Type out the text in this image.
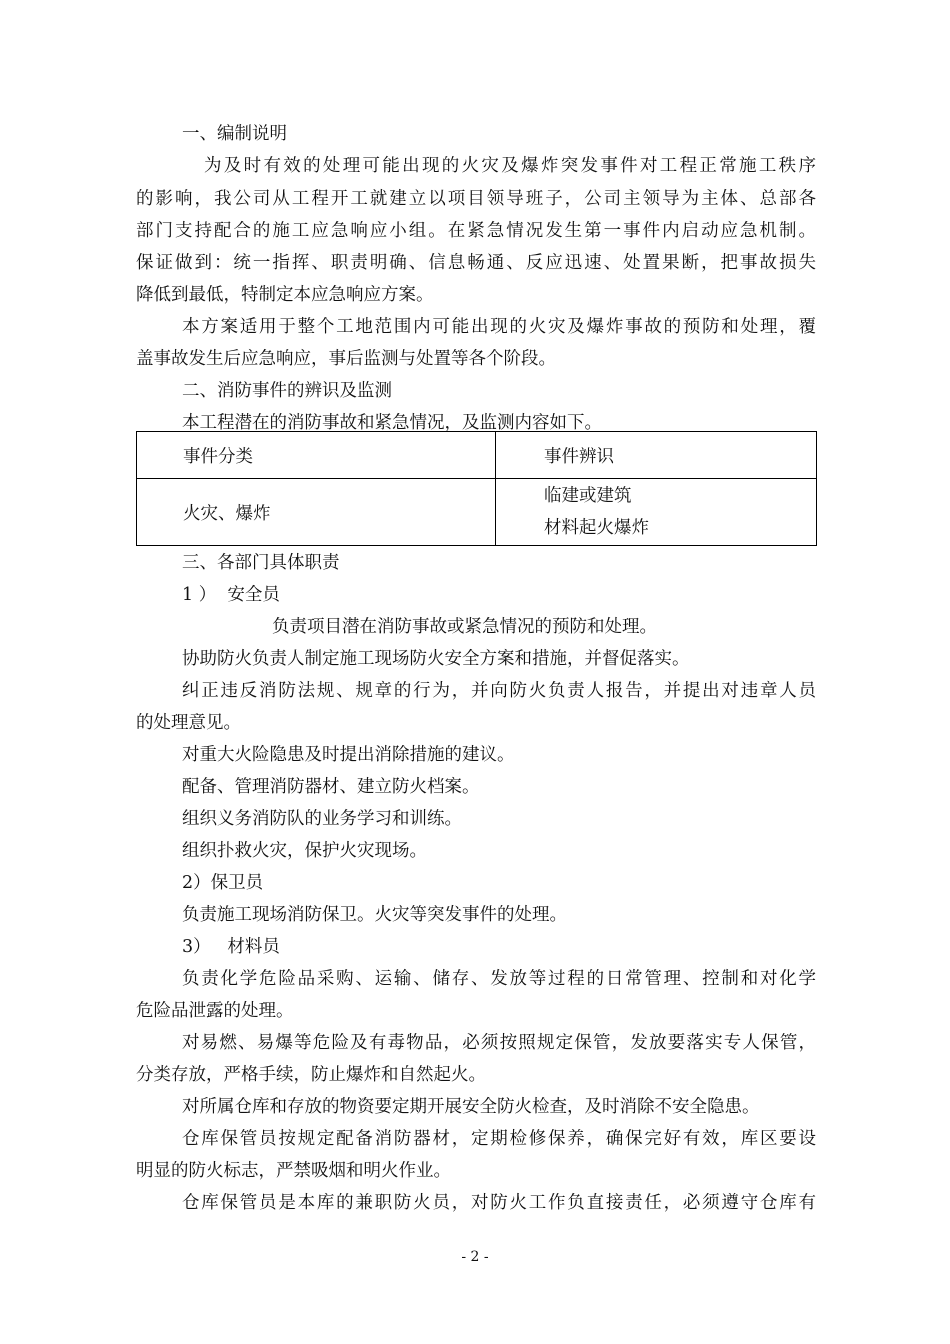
一、编制说明
为及时有效的处理可能出现的火灾及爆炸突发事件对工程正常施工秩序
的影响，我公司从工程开工就建立以项目领导班子，公司主领导为主体、总部各
部门支持配合的施工应急响应小组。在紧急情况发生第一事件内启动应急机制。
保证做到：统一指挥、职责明确、信息畅通、反应迅速、处置果断，把事故损失
降低到最低，特制定本应急响应方案。
本方案适用于整个工地范围内可能出现的火灾及爆炸事故的预防和处理，覆
盖事故发生后应急响应，事后监测与处置等各个阶段。
二、消防事件的辨识及监测
本工程潜在的消防事故和紧急情况，及监测内容如下。
事件分类	事件辨识
火灾、爆炸	临建或建筑
材料起火爆炸
三、各部门具体职责
1 ）  安全员
负责项目潜在消防事故或紧急情况的预防和处理。
协助防火负责人制定施工现场防火安全方案和措施，并督促落实。
纠正违反消防法规、规章的行为，并向防火负责人报告，并提出对违章人员
的处理意见。
对重大火险隐患及时提出消除措施的建议。
配备、管理消防器材、建立防火档案。
组织义务消防队的业务学习和训练。
组织扑救火灾，保护火灾现场。
2）保卫员
负责施工现场消防保卫。火灾等突发事件的处理。
3）   材料员
负责化学危险品采购、运输、储存、发放等过程的日常管理、控制和对化学
危险品泄露的处理。
对易燃、易爆等危险及有毒物品，必须按照规定保管，发放要落实专人保管，
分类存放，严格手续，防止爆炸和自然起火。
对所属仓库和存放的物资要定期开展安全防火检查，及时消除不安全隐患。
仓库保管员按规定配备消防器材，定期检修保养，确保完好有效，库区要设
明显的防火标志，严禁吸烟和明火作业。
仓库保管员是本库的兼职防火员，对防火工作负直接责任，必须遵守仓库有
- 2 -
